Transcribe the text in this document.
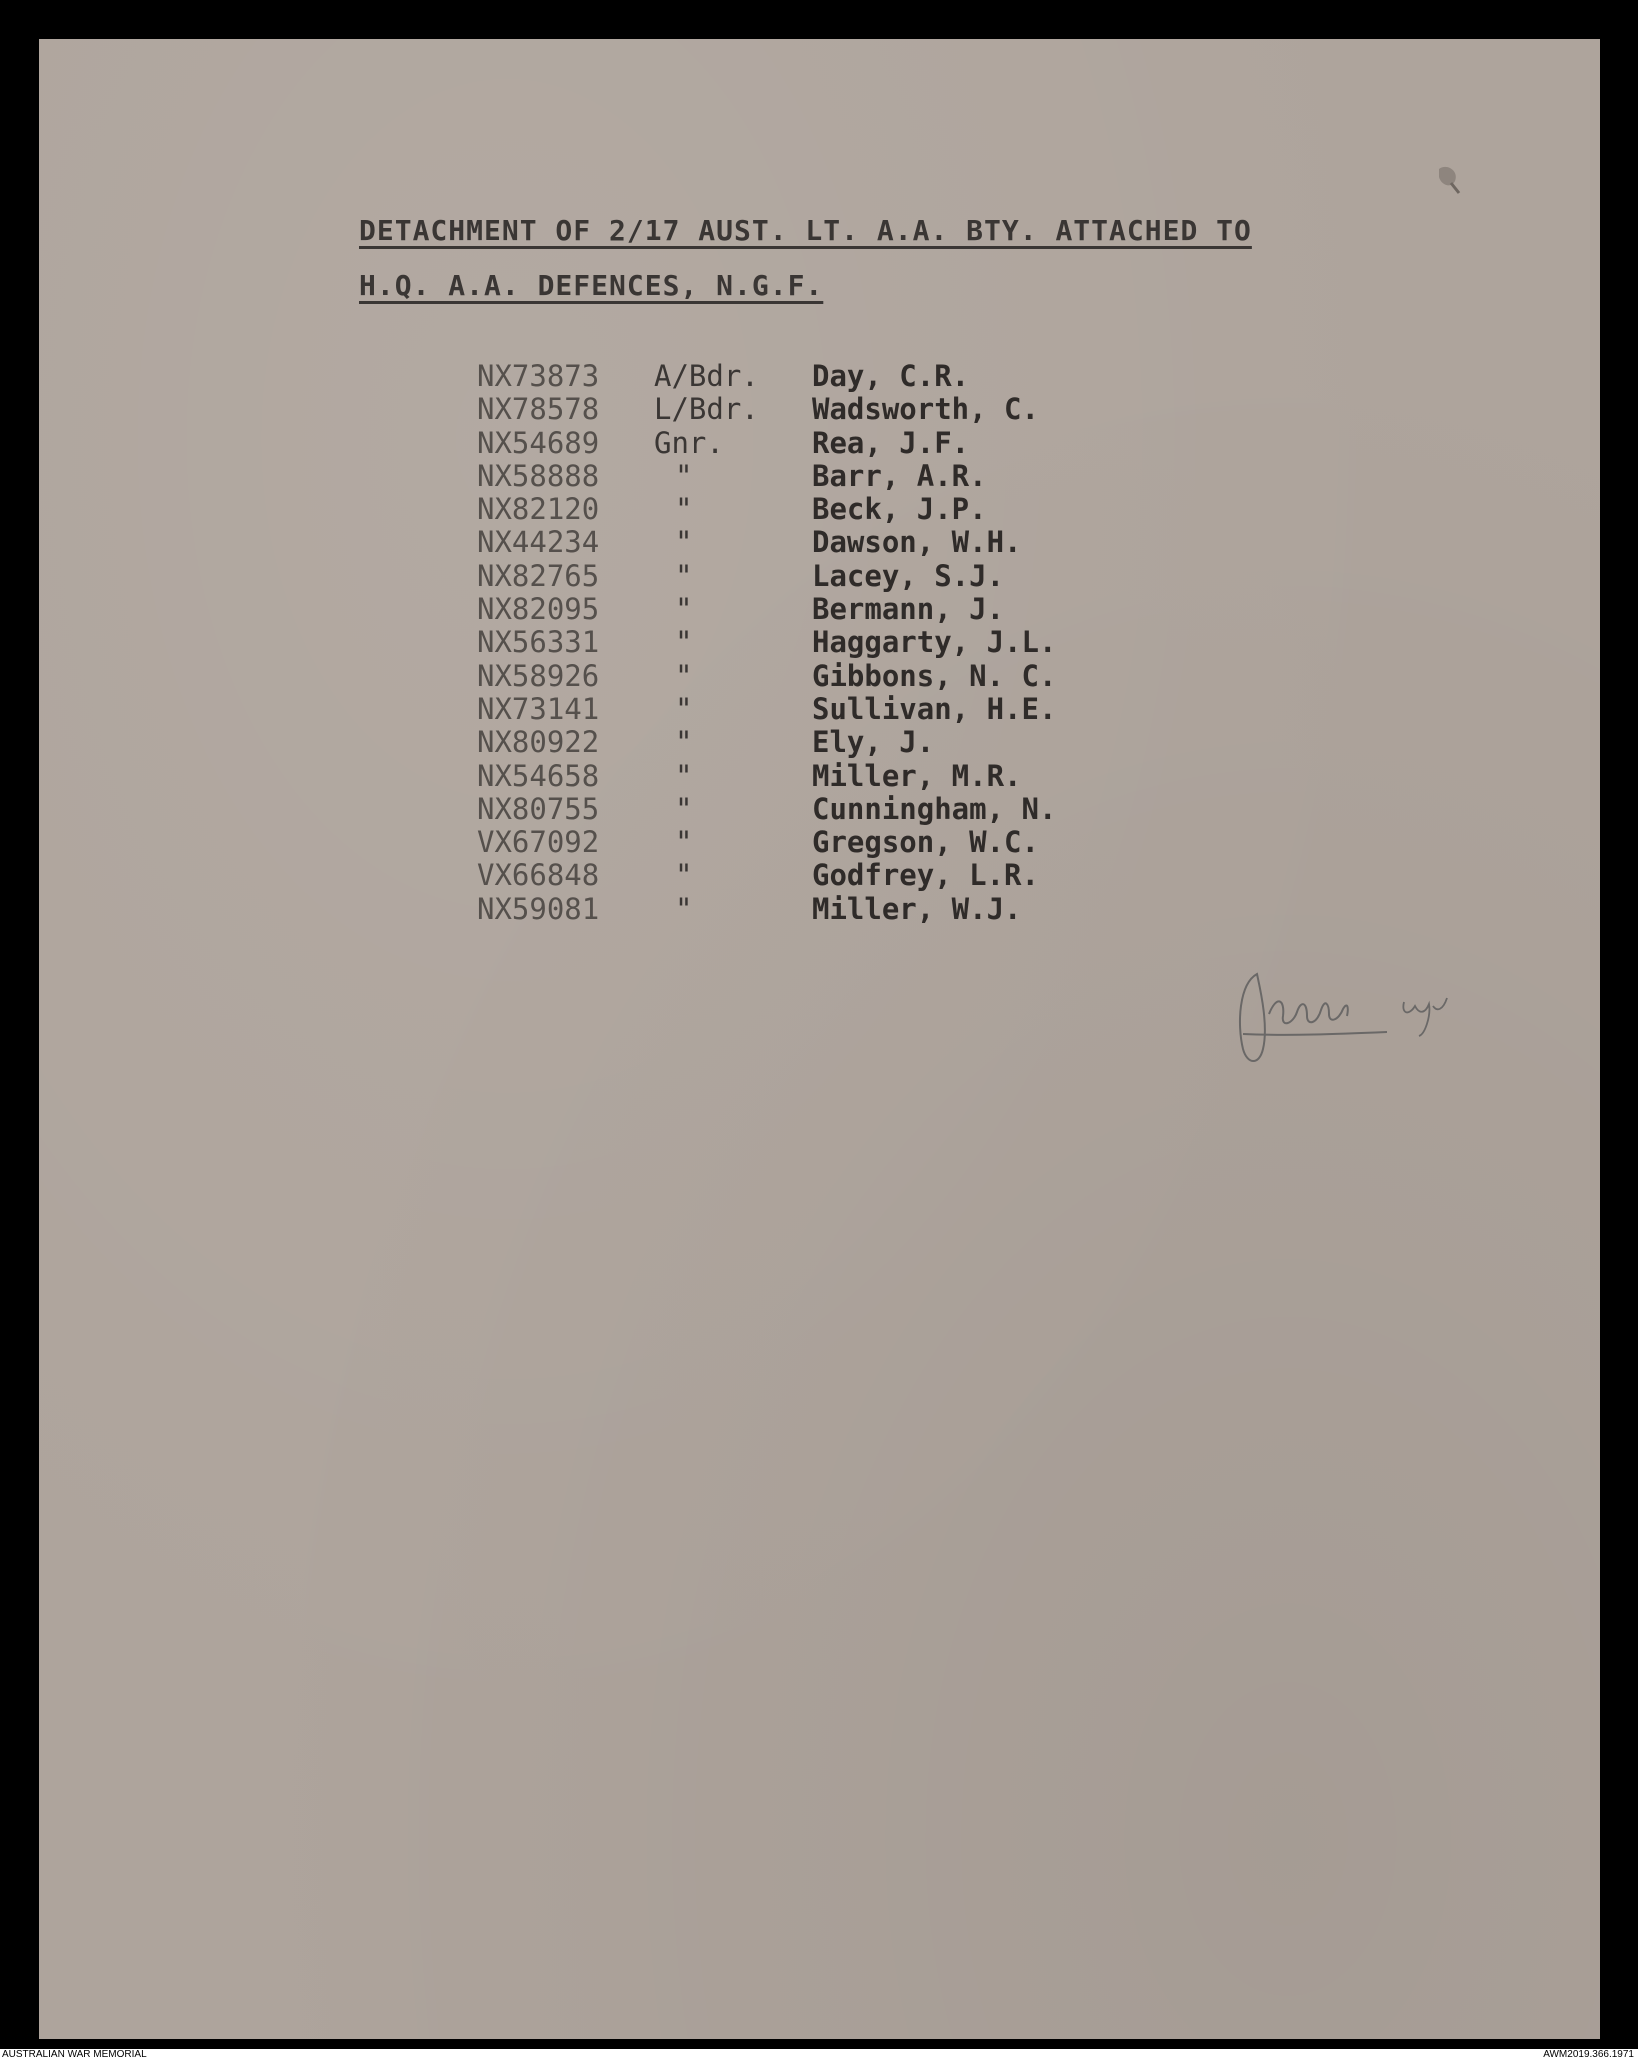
DETACHMENT OF 2/17 AUST. LT. A.A. BTY. ATTACHED TO
H.Q. A.A. DEFENCES, N.G.F.
NX73873 A/Bdr. Day, C.R.
NX78578 L/Bdr. Wadsworth, C.
NX54689 Gnr.	Rea, J.F.
NX58888	"	Barr, A.R.
NX82120	"	Beck, J.P.
NX44234	"	Dawson, W.H.
NX82765	"	Lacey, S.J.
NX82095	"	Bermann, J.
NX56331	"	Haggarty, J.L.
NX58926	"	Gibbons, N. C.
NX73141	"	Sullivan, H.E.
NX80922	"	Ely, J.
NX54658	"	Miller, M.R.
NX80755	"	Cunningham, N.
VX67092	"	Gregson, W.C.
VX66848	"	Godfrey, L.R.
NX59081	"	Miller, W.J.
AUSTRALIAN WAR MEMORIAL	AWM2019.366.1971
